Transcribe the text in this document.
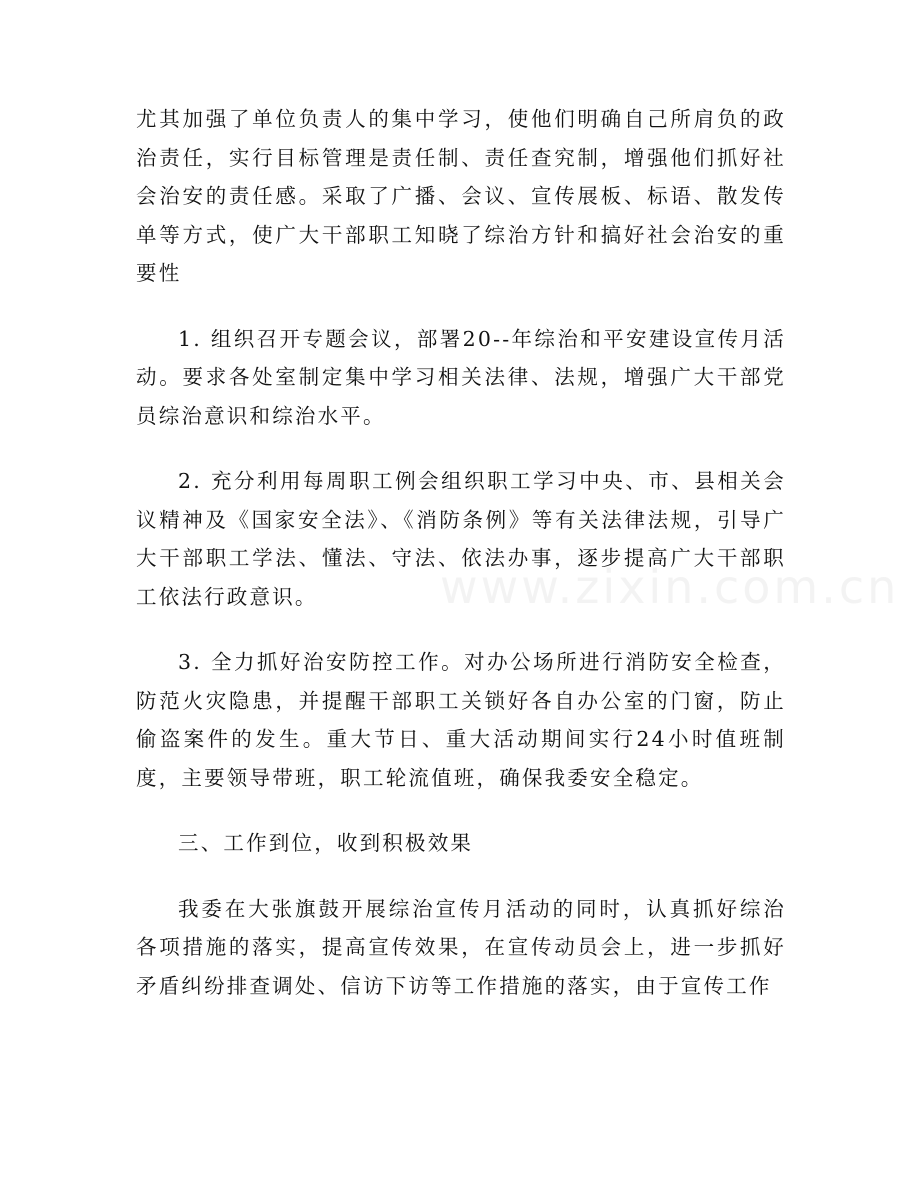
尤其加强了单位负责人的集中学习，使他们明确自己所肩负的政治责任，实行目标管理是责任制、责任查究制，增强他们抓好社会治安的责任感。采取了广播、会议、宣传展板、标语、散发传单等方式，使广大干部职工知晓了综治方针和搞好社会治安的重要性

1. 组织召开专题会议，部署20--年综治和平安建设宣传月活动。要求各处室制定集中学习相关法律、法规，增强广大干部党员综治意识和综治水平。

2. 充分利用每周职工例会组织职工学习中央、市、县相关会议精神及《国家安全法》、《消防条例》等有关法律法规，引导广大干部职工学法、懂法、守法、依法办事，逐步提高广大干部职工依法行政意识。

3. 全力抓好治安防控工作。对办公场所进行消防安全检查，防范火灾隐患，并提醒干部职工关锁好各自办公室的门窗，防止偷盗案件的发生。重大节日、重大活动期间实行24小时值班制度，主要领导带班，职工轮流值班，确保我委安全稳定。

三、工作到位，收到积极效果

我委在大张旗鼓开展综治宣传月活动的同时，认真抓好综治各项措施的落实，提高宣传效果，在宣传动员会上，进一步抓好矛盾纠纷排查调处、信访下访等工作措施的落实，由于宣传工作

www.zixin.com.cn
